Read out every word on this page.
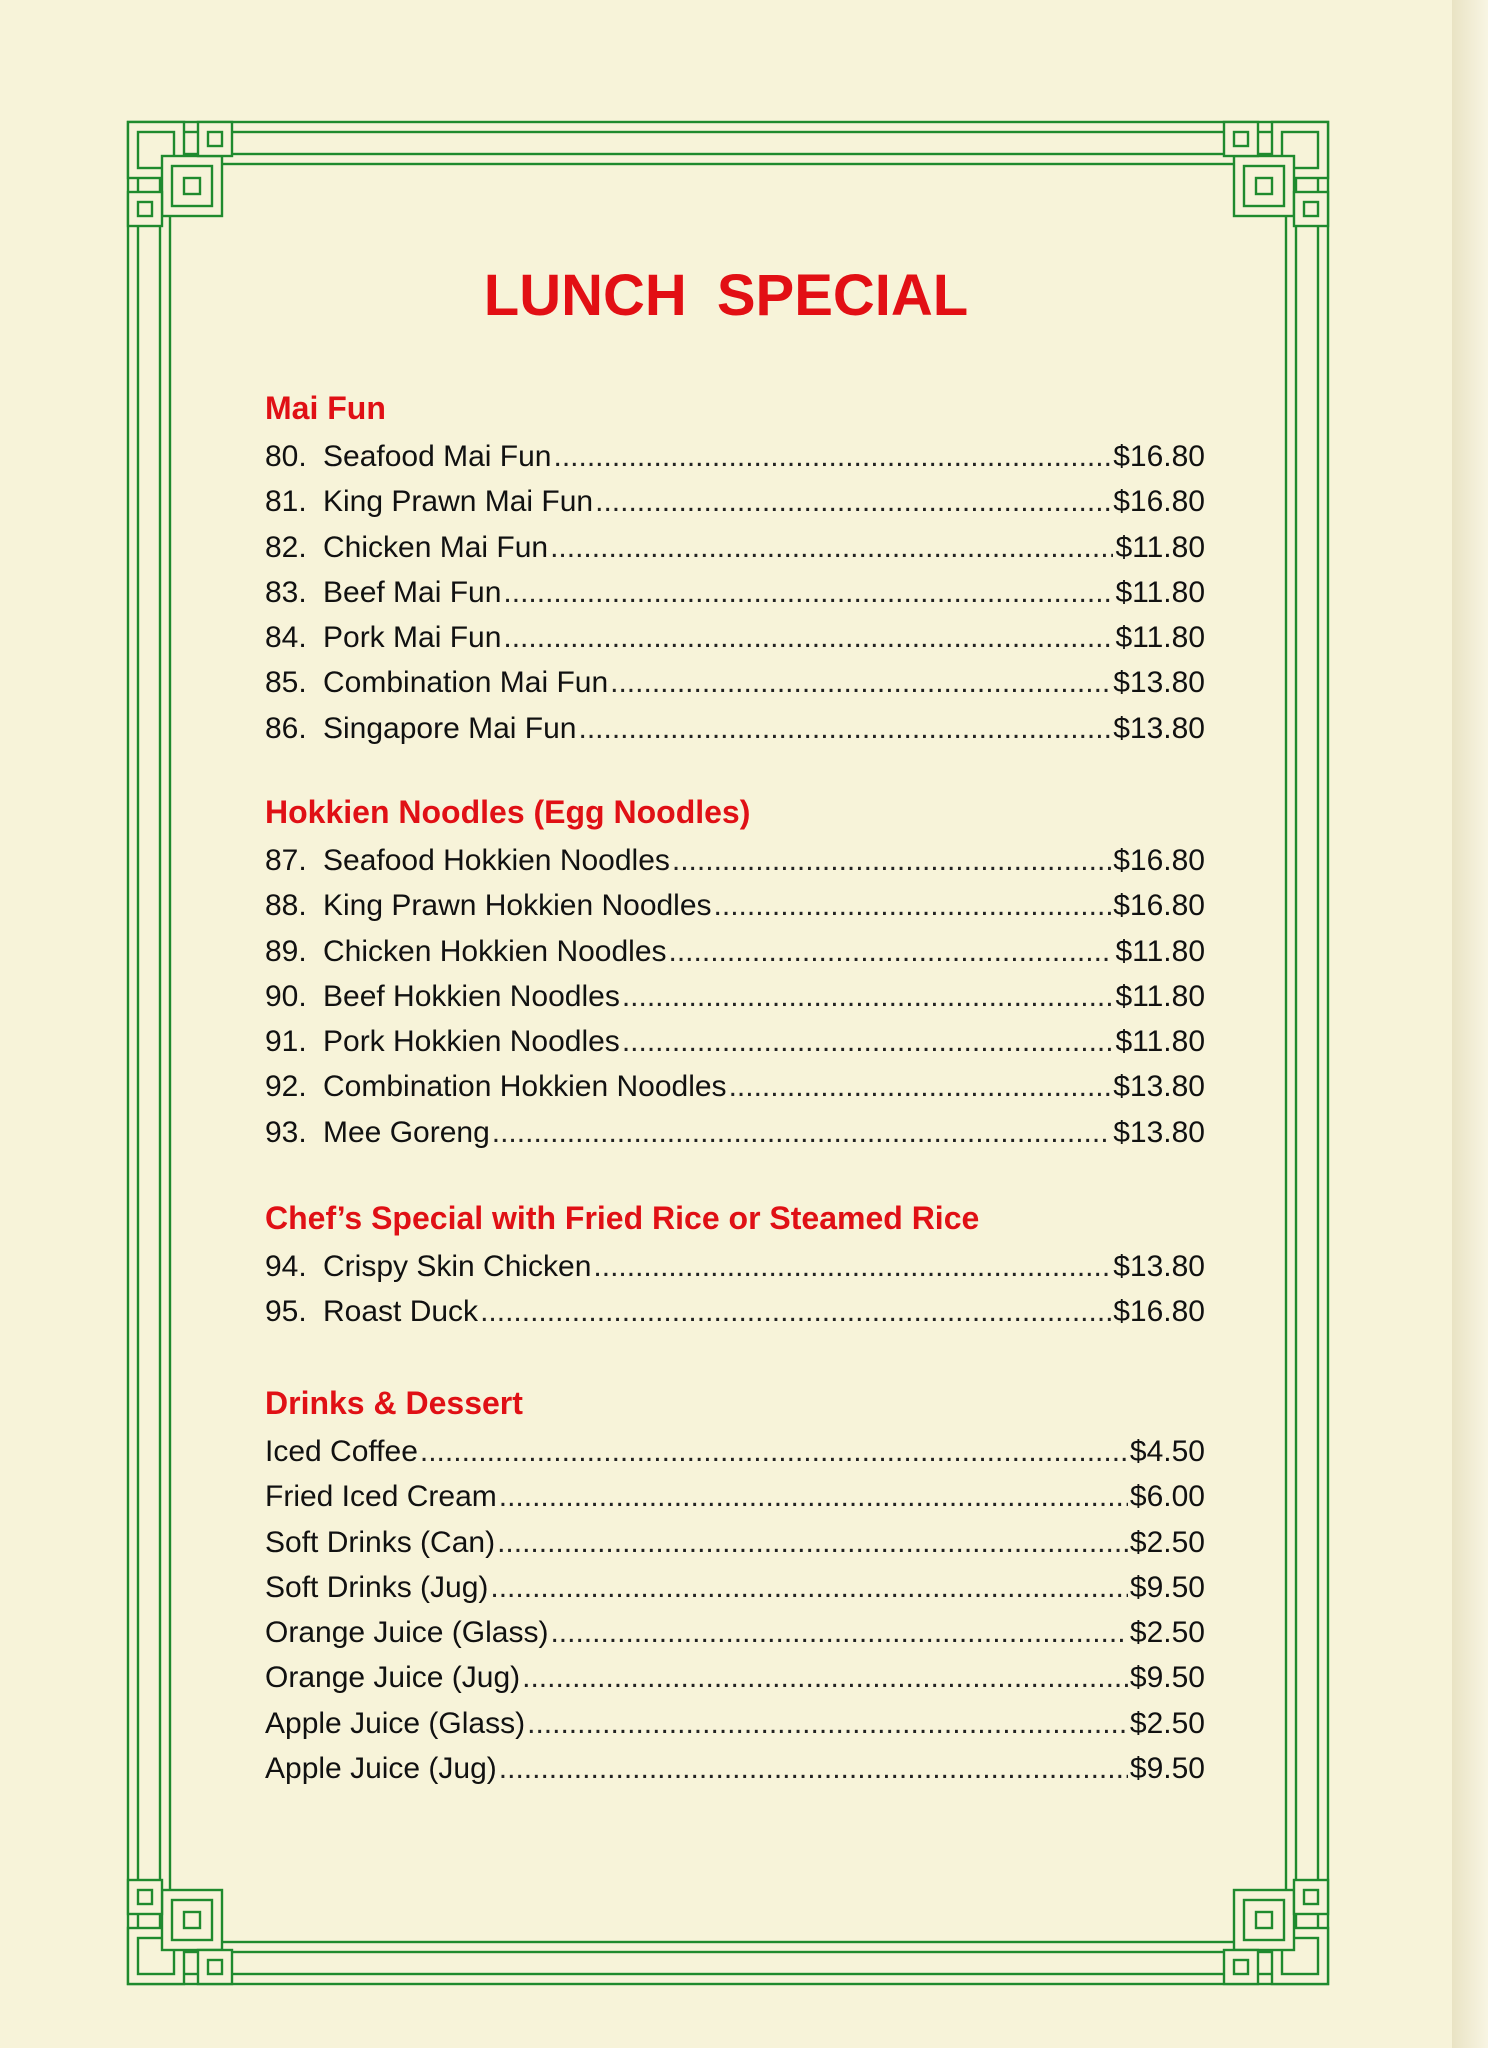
LUNCH SPECIAL
Mai Fun
80. Seafood Mai Fun .....	$16.80
81. King Prawn Mai Fun .....	$16.80
82. Chicken Mai Fun .....	$11.80
83. Beef Mai Fun .....	$11.80
84. Pork Mai Fun .....	$11.80
85. Combination Mai Fun .....	$13.80
86. Singapore Mai Fun .....	$13.80
Hokkien Noodles (Egg Noodles)
87. Seafood Hokkien Noodles .....	$16.80
88. King Prawn Hokkien Noodles .....	$16.80
89. Chicken Hokkien Noodles .....	$11.80
90. Beef Hokkien Noodles .....	$11.80
91. Pork Hokkien Noodles .....	$11.80
92. Combination Hokkien Noodles .....	$13.80
93. Mee Goreng .....	$13.80
Chef’s Special with Fried Rice or Steamed Rice
94. Crispy Skin Chicken .....	$13.80
95. Roast Duck .....	$16.80
Drinks & Dessert
Iced Coffee .....	$4.50
Fried Iced Cream .....	$6.00
Soft Drinks (Can) .....	$2.50
Soft Drinks (Jug) .....	$9.50
Orange Juice (Glass) .....	$2.50
Orange Juice (Jug) .....	$9.50
Apple Juice (Glass) .....	$2.50
Apple Juice (Jug) .....	$9.50
